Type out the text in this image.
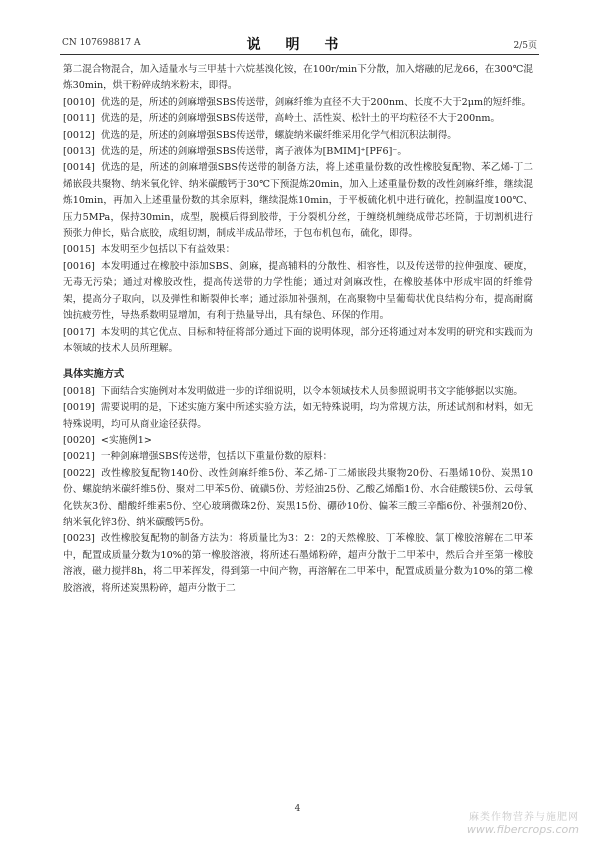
CN 107698817 A	说 明 书	2/5页

第二混合物混合，加入适量水与三甲基十六烷基溴化铵，在100r/min下分散，加入熔融的尼龙66，在300℃混炼30min，烘干粉碎成纳米粉末，即得。

[0010] 优选的是，所述的剑麻增强SBS传送带，剑麻纤维为直径不大于200nm、长度不大于2μm的短纤维。

[0011] 优选的是，所述的剑麻增强SBS传送带，高岭土、活性炭、松针土的平均粒径不大于200nm。

[0012] 优选的是，所述的剑麻增强SBS传送带，螺旋纳米碳纤维采用化学气相沉积法制得。

[0013] 优选的是，所述的剑麻增强SBS传送带，离子液体为[BMIM]⁺[PF6]⁻。

[0014] 优选的是，所述的剑麻增强SBS传送带的制备方法，将上述重量份数的改性橡胶复配物、苯乙烯-丁二烯嵌段共聚物、纳米氧化锌、纳米碳酸钙于30℃下预混炼20min，加入上述重量份数的改性剑麻纤维，继续混炼10min，再加入上述重量份数的其余原料，继续混炼10min，于平板硫化机中进行硫化，控制温度100℃、压力5MPa，保持30min，成型，脱模后得到胶带，于分裂机分丝，于缠绕机缠绕成带芯坯筒，于切割机进行预张力伸长，贴合底胶，成组切割，制成半成品带坯，于包布机包布，硫化，即得。

[0015] 本发明至少包括以下有益效果：

[0016] 本发明通过在橡胶中添加SBS、剑麻，提高辅料的分散性、相容性，以及传送带的拉伸强度、硬度，无毒无污染；通过对橡胶改性，提高传送带的力学性能；通过对剑麻改性，在橡胶基体中形成牢固的纤维骨架，提高分子取向，以及弹性和断裂伸长率；通过添加补强剂，在高聚物中呈葡萄状优良结构分布，提高耐腐蚀抗疲劳性，导热系数明显增加，有利于热量导出，具有绿色、环保的作用。

[0017] 本发明的其它优点、目标和特征将部分通过下面的说明体现，部分还将通过对本发明的研究和实践而为本领域的技术人员所理解。

具体实施方式

[0018] 下面结合实施例对本发明做进一步的详细说明，以令本领域技术人员参照说明书文字能够据以实施。

[0019] 需要说明的是，下述实施方案中所述实验方法，如无特殊说明，均为常规方法，所述试剂和材料，如无特殊说明，均可从商业途径获得。

[0020] <实施例1>

[0021] 一种剑麻增强SBS传送带，包括以下重量份数的原料：

[0022] 改性橡胶复配物140份、改性剑麻纤维5份、苯乙烯-丁二烯嵌段共聚物20份、石墨烯10份、炭黑10份、螺旋纳米碳纤维5份、聚对二甲苯5份、硫磺5份、芳烃油25份、乙酸乙烯酯1份、水合硅酸镁5份、云母氧化铁灰3份、醋酸纤维素5份、空心玻璃微珠2份、炭黑15份、硼砂10份、偏苯三酸三辛酯6份、补强剂20份、纳米氧化锌3份、纳米碳酸钙5份。

[0023] 改性橡胶复配物的制备方法为：将质量比为3：2：2的天然橡胶、丁苯橡胶、氯丁橡胶溶解在二甲苯中，配置成质量分数为10%的第一橡胶溶液，将所述石墨烯粉碎，超声分散于二甲苯中，然后合并至第一橡胶溶液，磁力搅拌8h，将二甲苯挥发，得到第一中间产物，再溶解在二甲苯中，配置成质量分数为10%的第二橡胶溶液，将所述炭黑粉碎，超声分散于二

4
麻类作物营养与施肥网
www.fibercrops.com
